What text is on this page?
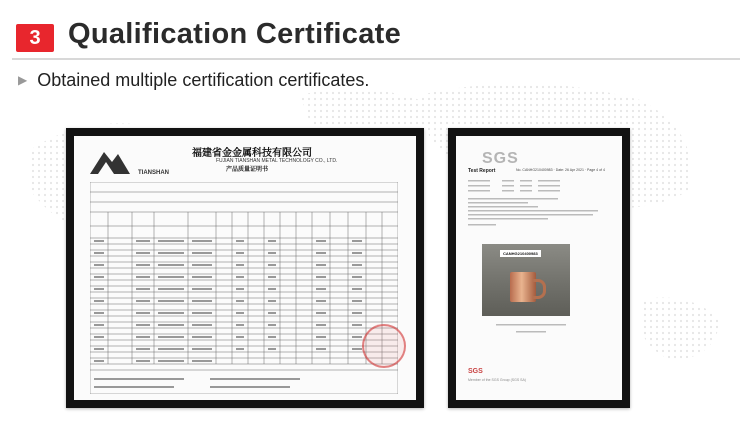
3 Qualification Certificate
▶ Obtained multiple certification certificates.
TIANSHAN
福建省金金属科技有限公司
FUJIAN TIANSHAN METAL TECHNOLOGY CO., LTD.
产品质量证明书
SGS
Test Report	No. CANHG210400983 · Date: 26 Apr 2021 · Page 4 of 4
CANHG210400983
SGS
Member of the SGS Group (SGS SA)
